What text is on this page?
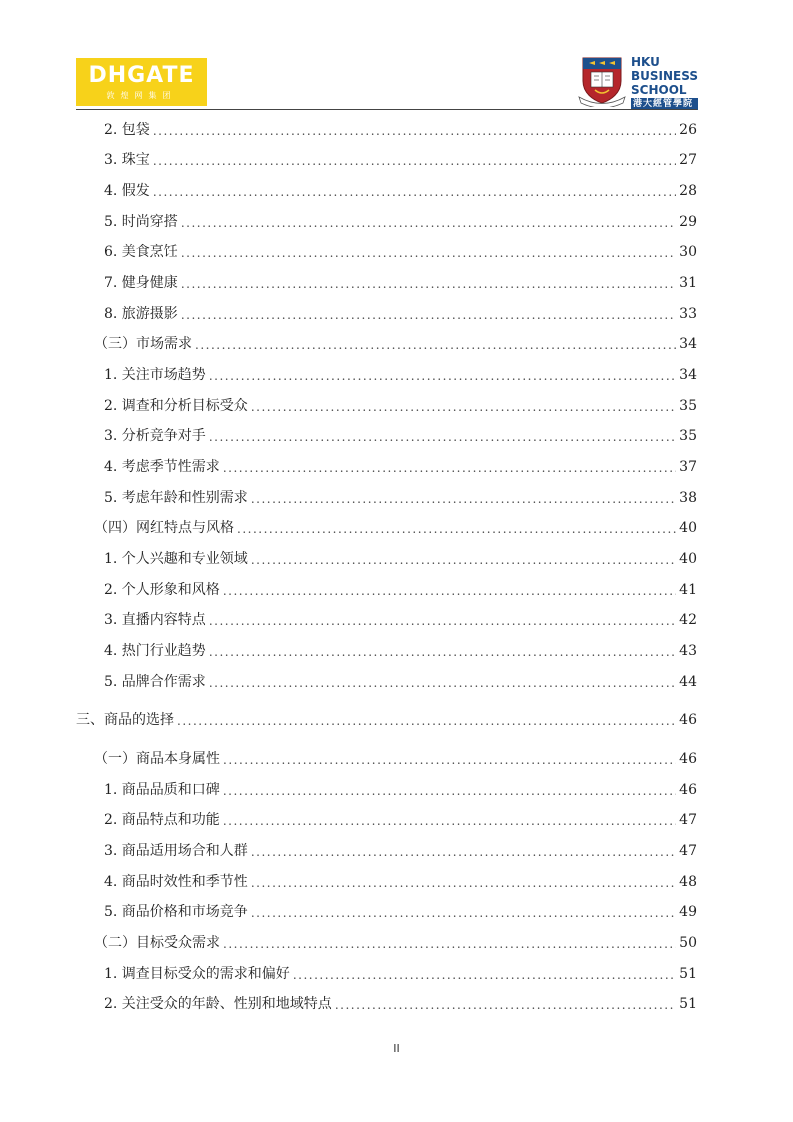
DHGATE
敦煌网集团
HKU
BUSINESS
SCHOOL
港大經管學院
2. 包袋 .....	26
3. 珠宝 .....	27
4. 假发 .....	28
5. 时尚穿搭 .....	29
6. 美食烹饪 .....	30
7. 健身健康 .....	31
8. 旅游摄影 .....	33
（三）市场需求 .....	34
1. 关注市场趋势 .....	34
2. 调查和分析目标受众 .....	35
3. 分析竞争对手 .....	35
4. 考虑季节性需求 .....	37
5. 考虑年龄和性别需求 .....	38
（四）网红特点与风格 .....	40
1. 个人兴趣和专业领域 .....	40
2. 个人形象和风格 .....	41
3. 直播内容特点 .....	42
4. 热门行业趋势 .....	43
5. 品牌合作需求 .....	44
三、商品的选择 .....	46
（一）商品本身属性 .....	46
1. 商品品质和口碑 .....	46
2. 商品特点和功能 .....	47
3. 商品适用场合和人群 .....	47
4. 商品时效性和季节性 .....	48
5. 商品价格和市场竞争 .....	49
（二）目标受众需求 .....	50
1. 调查目标受众的需求和偏好 .....	51
2. 关注受众的年龄、性别和地域特点 .....	51
II
